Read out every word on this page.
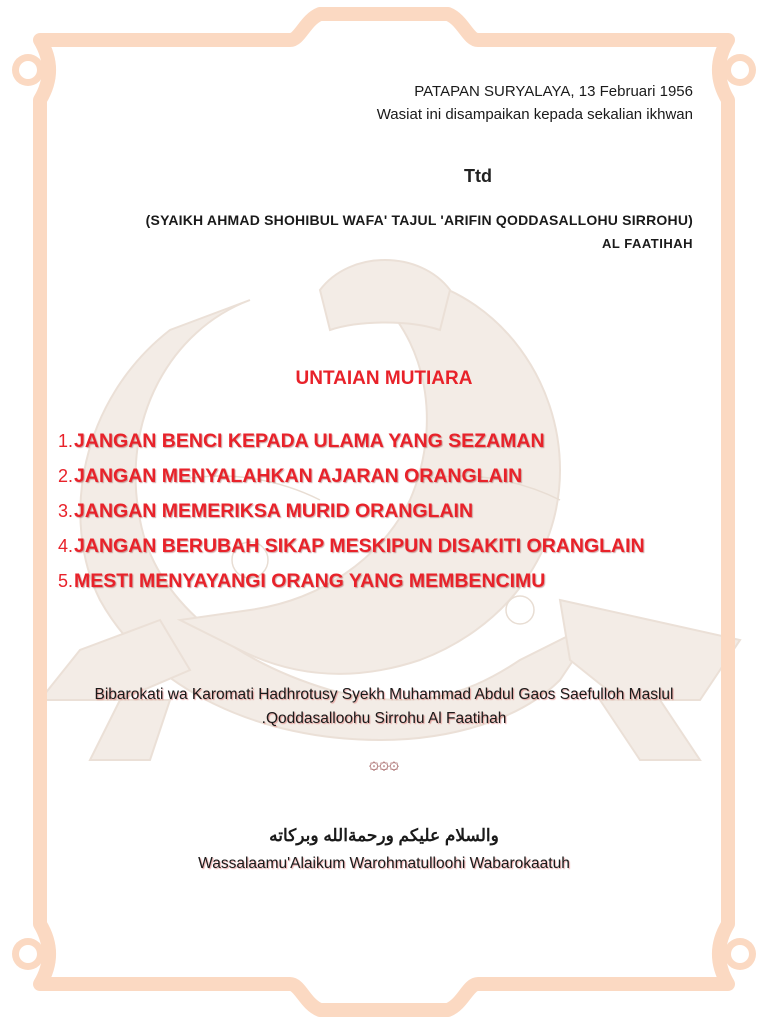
PATAPAN SURYALAYA, 13 Februari 1956

Wasiat ini disampaikan kepada sekalian ikhwan

Ttd

(SYAIKH AHMAD SHOHIBUL WAFA' TAJUL 'ARIFIN QODDASALLOHU SIRROHU)

AL FAATIHAH

UNTAIAN MUTIARA

1.JANGAN BENCI KEPADA ULAMA YANG SEZAMAN
2.JANGAN MENYALAHKAN AJARAN ORANGLAIN
3.JANGAN MEMERIKSA MURID ORANGLAIN
4.JANGAN BERUBAH SIKAP MESKIPUN DISAKITI ORANGLAIN
5.MESTI MENYAYANGI ORANG YANG MEMBENCIMU

Bibarokati wa Karomati Hadhrotusy Syekh Muhammad Abdul Gaos Saefulloh Maslul

.Qoddasalloohu Sirrohu Al Faatihah

۞۞۞

والسلام عليكم ورحمةالله وبركاته

Wassalaamu'Alaikum Warohmatulloohi Wabarokaatuh
